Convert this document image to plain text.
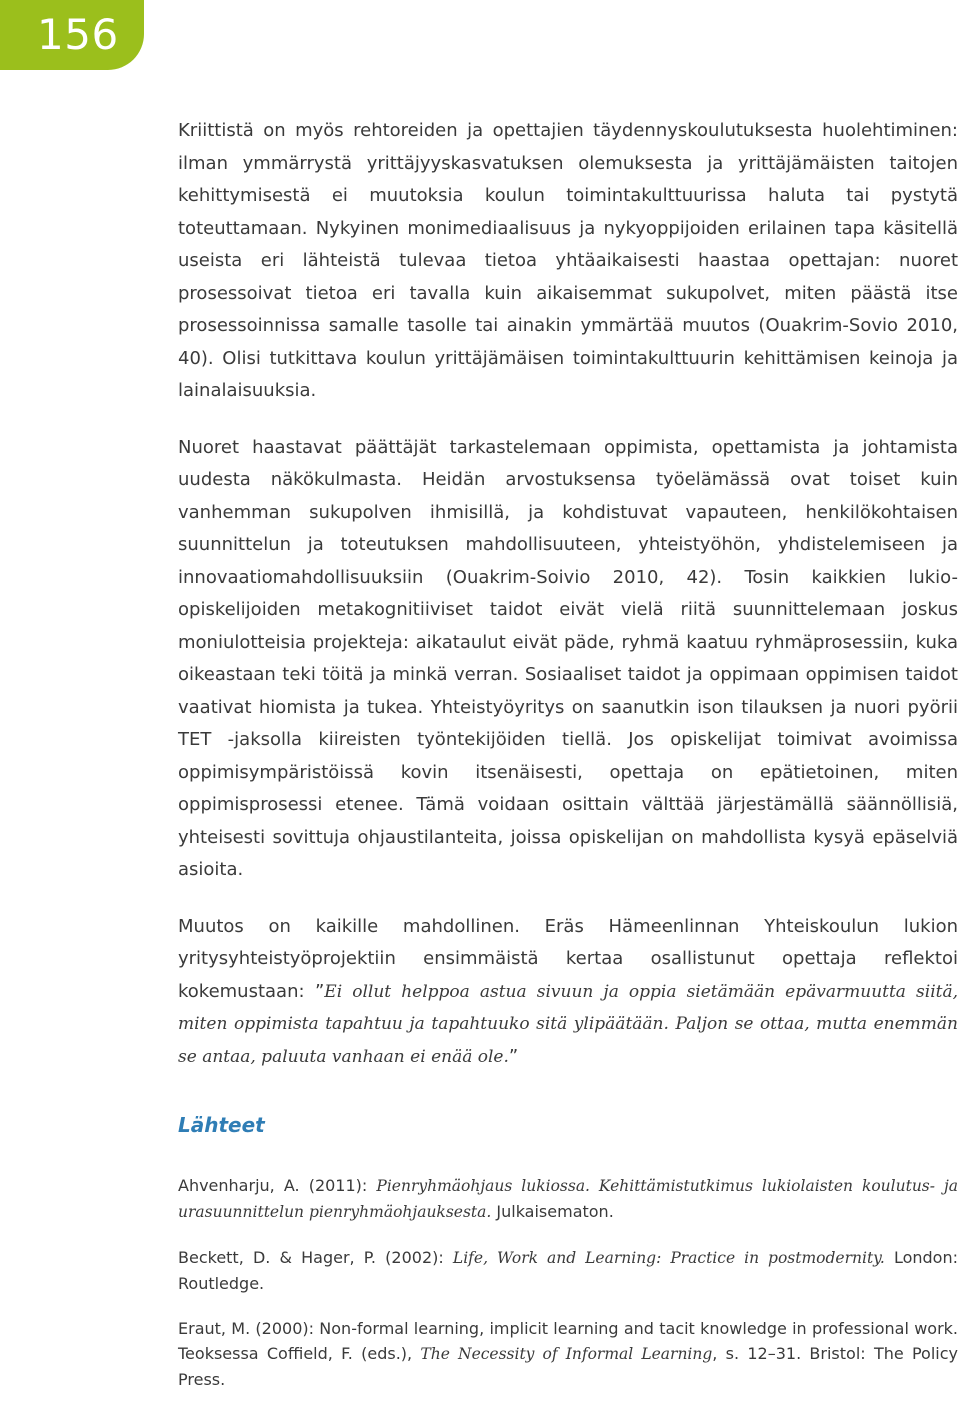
156

Kriittistä on myös rehtoreiden ja opettajien täydennyskoulutuksesta huolehtiminen: ilman ymmärrystä yrittäjyyskasvatuksen olemuksesta ja yrittäjämäisten taitojen kehittymisestä ei muutoksia koulun toimintakulttuurissa haluta tai pystytä toteuttamaan. Nykyinen monimediaalisuus ja nykyoppijoiden erilainen tapa käsitellä useista eri lähteistä tulevaa tietoa yhtäaikaisesti haastaa opettajan: nuoret prosessoivat tietoa eri tavalla kuin aikaisemmat sukupolvet, miten päästä itse prosessoinnissa samalle tasolle tai ainakin ymmärtää muutos (Ouakrim-Sovio 2010, 40). Olisi tutkittava koulun yrittäjämäisen toimintakulttuurin kehittämisen keinoja ja lainalaisuuksia.

Nuoret haastavat päättäjät tarkastelemaan oppimista, opettamista ja johtamista uudesta näkökulmasta. Heidän arvostuksensa työelämässä ovat toiset kuin vanhemman sukupolven ihmisillä, ja kohdistuvat vapauteen, henkilökohtaisen suunnittelun ja toteutuksen mahdollisuuteen, yhteistyöhön, yhdistelemiseen ja innovaatiomahdollisuuksiin (Ouakrim-Soivio 2010, 42). Tosin kaikkien lukio-opiskelijoiden metakognitiiviset taidot eivät vielä riitä suunnittelemaan joskus moniulotteisia projekteja: aikataulut eivät päde, ryhmä kaatuu ryhmäprosessiin, kuka oikeastaan teki töitä ja minkä verran. Sosiaaliset taidot ja oppimaan oppimisen taidot vaativat hiomista ja tukea. Yhteistyöyritys on saanutkin ison tilauksen ja nuori pyörii TET -jaksolla kiireisten työntekijöiden tiellä. Jos opiskelijat toimivat avoimissa oppimisympäristöissä kovin itsenäisesti, opettaja on epätietoinen, miten oppimisprosessi etenee. Tämä voidaan osittain välttää järjestämällä säännöllisiä, yhteisesti sovittuja ohjaustilanteita, joissa opiskelijan on mahdollista kysyä epäselviä asioita.

Muutos on kaikille mahdollinen. Eräs Hämeenlinnan Yhteiskoulun lukion yritysyhteistyöprojektiin ensimmäistä kertaa osallistunut opettaja reflektoi kokemustaan: ”Ei ollut helppoa astua sivuun ja oppia sietämään epävarmuutta siitä, miten oppimista tapahtuu ja tapahtuuko sitä ylipäätään. Paljon se ottaa, mutta enemmän se antaa, paluuta vanhaan ei enää ole.”

Lähteet

Ahvenharju, A. (2011): Pienryhmäohjaus lukiossa. Kehittämistutkimus lukiolaisten koulutus- ja urasuunnittelun pienryhmäohjauksesta. Julkaisematon.

Beckett, D. & Hager, P. (2002): Life, Work and Learning: Practice in postmodernity. London: Routledge.

Eraut, M. (2000): Non-formal learning, implicit learning and tacit knowledge in professional work. Teoksessa Coffield, F. (eds.), The Necessity of Informal Learning, s. 12–31. Bristol: The Policy Press.
